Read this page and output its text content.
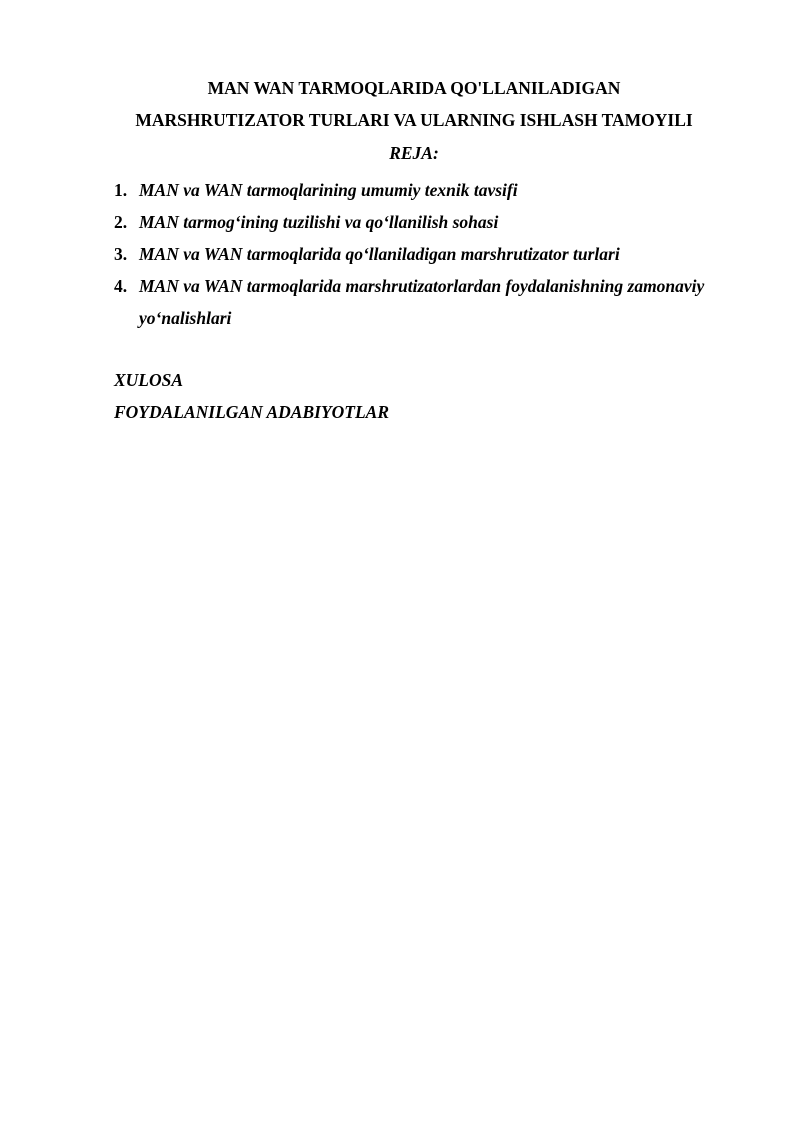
MAN WAN TARMOQLARIDA QO'LLANILADIGAN
MARSHRUTIZATOR TURLARI VA ULARNING ISHLASH TAMOYILI
REJA:
1. MAN va WAN tarmoqlarining umumiy texnik tavsifi
2. MAN tarmog‘ining tuzilishi va qo‘llanilish sohasi
3. MAN va WAN tarmoqlarida qo‘llaniladigan marshrutizator turlari
4. MAN va WAN tarmoqlarida marshrutizatorlardan foydalanishning zamonaviy yo‘nalishlari
XULOSA
FOYDALANILGAN ADABIYOTLAR
